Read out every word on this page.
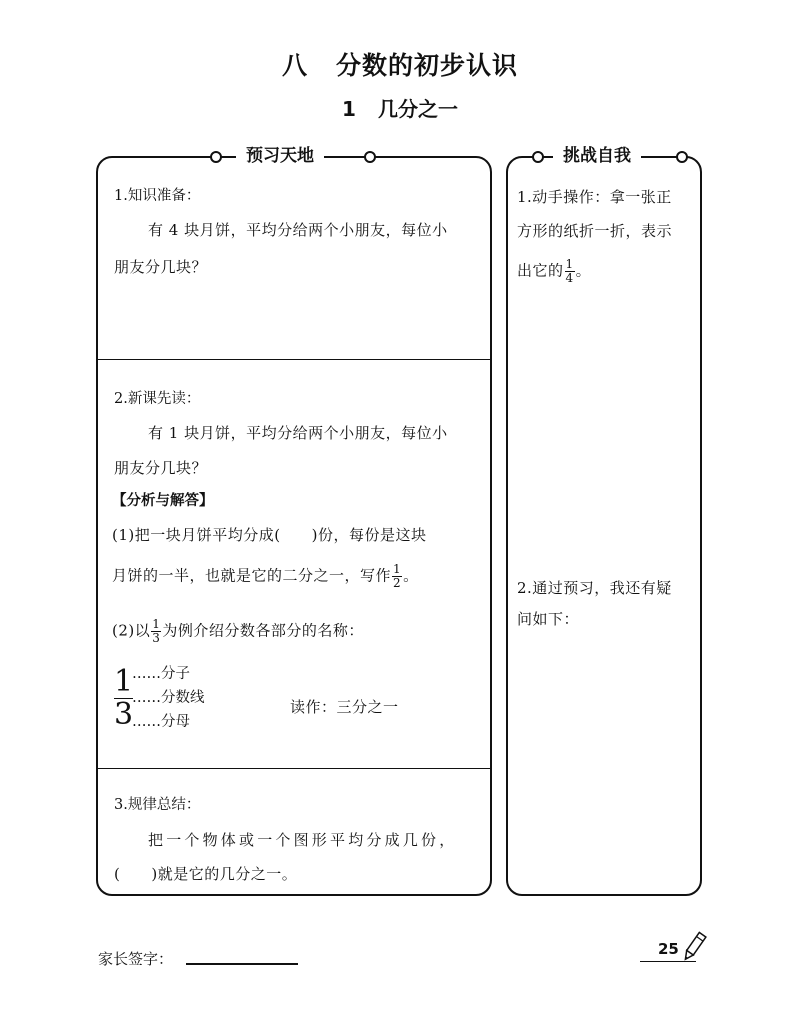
八 分数的初步认识
1 几分之一
预习天地	挑战自我
1.知识准备：
有 4 块月饼，平均分给两个小朋友，每位小
朋友分几块？
2.新课先读：
有 1 块月饼，平均分给两个小朋友，每位小
朋友分几块？
【分析与解答】
(1)把一块月饼平均分成(　　)份，每份是这块
月饼的一半，也就是它的二分之一，写作 $\frac{1}{2}$ 。
(2)以 $\frac{1}{3}$ 为例介绍分数各部分的名称：
$\frac{1}{3}$
……分子
……分数线
……分母
读作：三分之一
3.规律总结：
把一个物体或一个图形平均分成几份，
(　　)就是它的几分之一。
1.动手操作：拿一张正
方形的纸折一折，表示
出它的 $\frac{1}{4}$ 。
2.通过预习，我还有疑
问如下：
家长签字：
25
